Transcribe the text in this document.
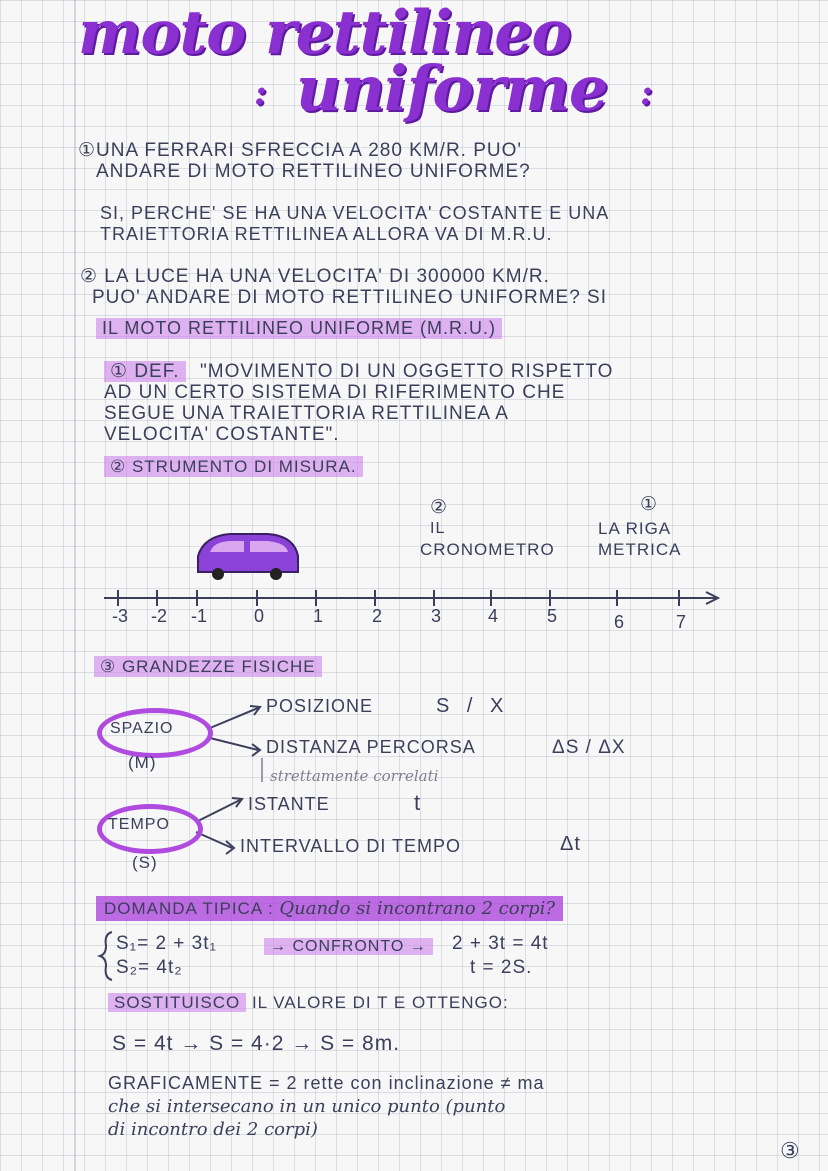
moto rettilineo
: uniforme :
①UNA FERRARI SFRECCIA A 280 KM/R. PUO'
ANDARE DI MOTO RETTILINEO UNIFORME?
SI, PERCHE' SE HA UNA VELOCITA' COSTANTE E UNA
TRAIETTORIA RETTILINEA ALLORA VA DI M.R.U.
② LA LUCE HA UNA VELOCITA' DI 300000 KM/R.
PUO' ANDARE DI MOTO RETTILINEO UNIFORME? SI
IL MOTO RETTILINEO UNIFORME (M.R.U.)
① DEF.	"MOVIMENTO DI UN OGGETTO RISPETTO
AD UN CERTO SISTEMA DI RIFERIMENTO CHE
SEGUE UNA TRAIETTORIA RETTILINEA A
VELOCITA' COSTANTE".
② STRUMENTO DI MISURA.
②
IL
CRONOMETRO
①
LA RIGA
METRICA
-3 -2 -1	0	1	2	3	4	5	6	7
③ GRANDEZZE FISICHE
SPAZIO
(M)
POSIZIONE	S / X
DISTANZA PERCORSA	ΔS / ΔX
strettamente correlati
TEMPO
(S)
ISTANTE	t
INTERVALLO DI TEMPO	Δt
DOMANDA TIPICA : Quando si incontrano 2 corpi?
S₁= 2 + 3t₁
S₂= 4t₂
→ CONFRONTO →	2 + 3t = 4t
t = 2S.
SOSTITUISCO IL VALORE DI T E OTTENGO:
S = 4t → S = 4·2 → S = 8m.
GRAFICAMENTE = 2 rette con inclinazione ≠ ma
che si intersecano in un unico punto (punto
di incontro dei 2 corpi)
③
